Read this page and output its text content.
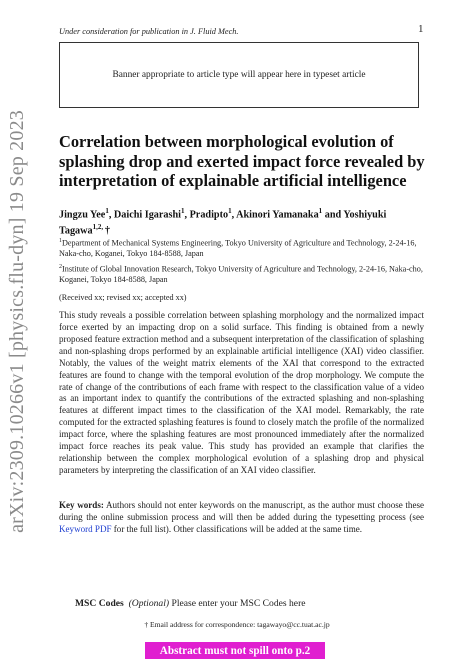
arXiv:2309.10266v1 [physics.flu-dyn] 19 Sep 2023
Under consideration for publication in J. Fluid Mech.	1
Banner appropriate to article type will appear here in typeset article
Correlation between morphological evolution of splashing drop and exerted impact force revealed by interpretation of explainable artificial intelligence
Jingzu Yee$^1$, Daichi Igarashi$^1$, Pradipto$^1$, Akinori Yamanaka$^1$ and Yoshiyuki Tagawa$^{1,2,}$ †
$^1$Department of Mechanical Systems Engineering, Tokyo University of Agriculture and Technology, 2-24-16, Naka-cho, Koganei, Tokyo 184-8588, Japan
$^2$Institute of Global Innovation Research, Tokyo University of Agriculture and Technology, 2-24-16, Naka-cho, Koganei, Tokyo 184-8588, Japan
(Received xx; revised xx; accepted xx)

This study reveals a possible correlation between splashing morphology and the normalized impact force exerted by an impacting drop on a solid surface. This finding is obtained from a newly proposed feature extraction method and a subsequent interpretation of the classification of splashing and non-splashing drops performed by an explainable artificial intelligence (XAI) video classifier. Notably, the values of the weight matrix elements of the XAI that correspond to the extracted features are found to change with the temporal evolution of the drop morphology. We compute the rate of change of the contributions of each frame with respect to the classification value of a video as an important index to quantify the contributions of the extracted splashing and non-splashing features at different impact times to the classification of the XAI model. Remarkably, the rate computed for the extracted splashing features is found to closely match the profile of the normalized impact force, where the splashing features are most pronounced immediately after the normalized impact force reaches its peak value. This study has provided an example that clarifies the relationship between the complex morphological evolution of a splashing drop and physical parameters by interpreting the classification of an XAI video classifier.

Key words: Authors should not enter keywords on the manuscript, as the author must choose these during the online submission process and will then be added during the typesetting process (see Keyword PDF for the full list). Other classifications will be added at the same time.
MSC Codes (Optional) Please enter your MSC Codes here
† Email address for correspondence: tagawayo@cc.tuat.ac.jp
Abstract must not spill onto p.2
